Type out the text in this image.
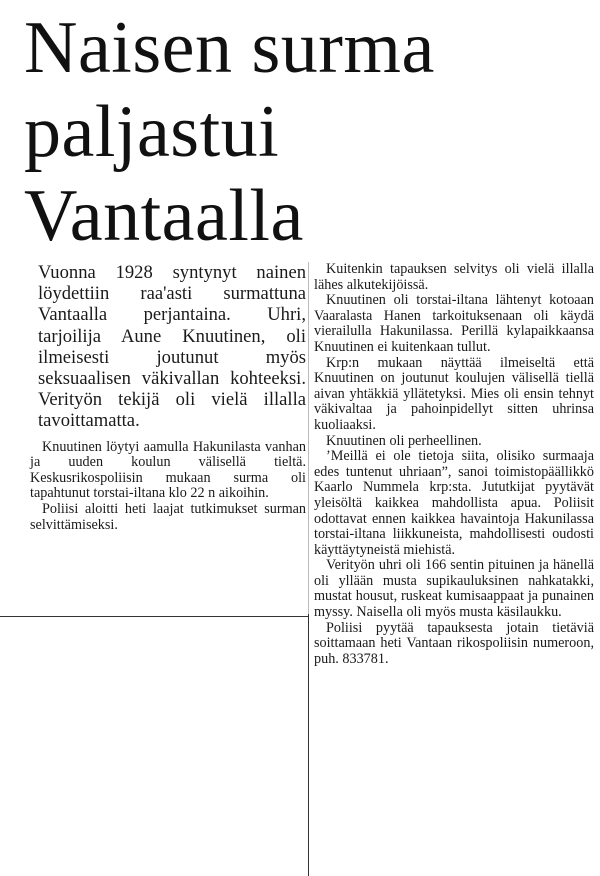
Naisen surma
paljastui
Vantaalla

Vuonna 1928 syntynyt nainen löydettiin raa'asti surmattuna Vantaalla perjantaina. Uhri, tarjoilija Aune Knuutinen, oli ilmeisesti joutunut myös seksuaalisen väkivallan kohteeksi. Verityön tekijä oli vielä illalla tavoittamatta.

Knuutinen löytyi aamulla Hakunilasta vanhan ja uuden koulun välisellä tieltä. Keskusrikospoliisin mukaan surma oli tapahtunut torstai-iltana klo 22 n aikoihin.

Poliisi aloitti heti laajat tutkimukset surman selvittämiseksi.

Kuitenkin tapauksen selvitys oli vielä illalla lähes alkutekijöissä.

Knuutinen oli torstai-iltana lähtenyt kotoaan Vaaralasta Hanen tarkoituksenaan oli käydä vierailulla Hakunilassa. Perillä kylapaikkaansa Knuutinen ei kuitenkaan tullut.

Krp:n mukaan näyttää ilmeiseltä että Knuutinen on joutunut koulujen välisellä tiellä aivan yhtäkkiä yllätetyksi. Mies oli ensin tehnyt väkivaltaa ja pahoinpidellyt sitten uhrinsa kuoliaaksi.

Knuutinen oli perheellinen.

’Meillä ei ole tietoja siita, olisiko surmaaja edes tuntenut uhriaan”, sanoi toimistopäällikkö Kaarlo Nummela krp:sta. Jututkijat pyytävät yleisöltä kaikkea mahdollista apua. Poliisit odottavat ennen kaikkea havaintoja Hakunilassa torstai-iltana liikkuneista, mahdollisesti oudosti käyttäytyneistä miehistä.

Verityön uhri oli 166 sentin pituinen ja hänellä oli yllään musta supikauluksinen nahkatakki, mustat housut, ruskeat kumisaappaat ja punainen myssy. Naisella oli myös musta käsilaukku.

Poliisi pyytää tapauksesta jotain tietäviä soittamaan heti Vantaan rikospoliisin numeroon, puh. 833781.
